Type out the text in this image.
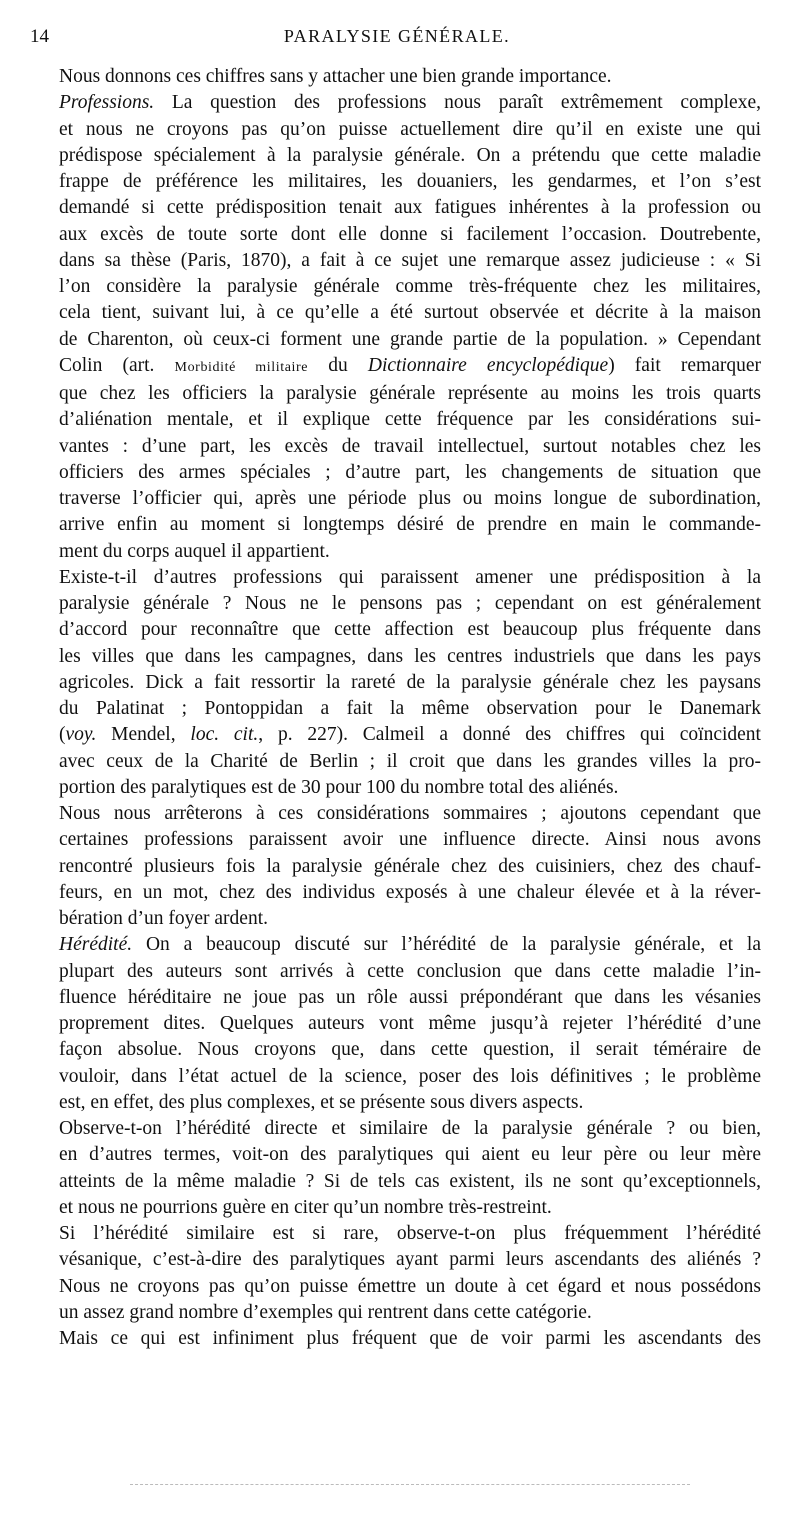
14	PARALYSIE GÉNÉRALE.

Nous donnons ces chiffres sans y attacher une bien grande importance.

Professions. La question des professions nous paraît extrêmement complexe,
et nous ne croyons pas qu’on puisse actuellement dire qu’il en existe une qui
prédispose spécialement à la paralysie générale. On a prétendu que cette maladie
frappe de préférence les militaires, les douaniers, les gendarmes, et l’on s’est
demandé si cette prédisposition tenait aux fatigues inhérentes à la profession ou
aux excès de toute sorte dont elle donne si facilement l’occasion. Doutrebente,
dans sa thèse (Paris, 1870), a fait à ce sujet une remarque assez judicieuse : « Si
l’on considère la paralysie générale comme très-fréquente chez les militaires,
cela tient, suivant lui, à ce qu’elle a été surtout observée et décrite à la maison
de Charenton, où ceux-ci forment une grande partie de la population. » Cependant
Colin (art. Morbidité militaire du Dictionnaire encyclopédique) fait remarquer
que chez les officiers la paralysie générale représente au moins les trois quarts
d’aliénation mentale, et il explique cette fréquence par les considérations sui-
vantes : d’une part, les excès de travail intellectuel, surtout notables chez les
officiers des armes spéciales ; d’autre part, les changements de situation que
traverse l’officier qui, après une période plus ou moins longue de subordination,
arrive enfin au moment si longtemps désiré de prendre en main le commande-
ment du corps auquel il appartient.

Existe-t-il d’autres professions qui paraissent amener une prédisposition à la
paralysie générale ? Nous ne le pensons pas ; cependant on est généralement
d’accord pour reconnaître que cette affection est beaucoup plus fréquente dans
les villes que dans les campagnes, dans les centres industriels que dans les pays
agricoles. Dick a fait ressortir la rareté de la paralysie générale chez les paysans
du Palatinat ; Pontoppidan a fait la même observation pour le Danemark
(voy. Mendel, loc. cit., p. 227). Calmeil a donné des chiffres qui coïncident
avec ceux de la Charité de Berlin ; il croit que dans les grandes villes la pro-
portion des paralytiques est de 30 pour 100 du nombre total des aliénés.

Nous nous arrêterons à ces considérations sommaires ; ajoutons cependant que
certaines professions paraissent avoir une influence directe. Ainsi nous avons
rencontré plusieurs fois la paralysie générale chez des cuisiniers, chez des chauf-
feurs, en un mot, chez des individus exposés à une chaleur élevée et à la réver-
bération d’un foyer ardent.

Hérédité. On a beaucoup discuté sur l’hérédité de la paralysie générale, et la
plupart des auteurs sont arrivés à cette conclusion que dans cette maladie l’in-
fluence héréditaire ne joue pas un rôle aussi prépondérant que dans les vésanies
proprement dites. Quelques auteurs vont même jusqu’à rejeter l’hérédité d’une
façon absolue. Nous croyons que, dans cette question, il serait téméraire de
vouloir, dans l’état actuel de la science, poser des lois définitives ; le problème
est, en effet, des plus complexes, et se présente sous divers aspects.

Observe-t-on l’hérédité directe et similaire de la paralysie générale ? ou bien,
en d’autres termes, voit-on des paralytiques qui aient eu leur père ou leur mère
atteints de la même maladie ? Si de tels cas existent, ils ne sont qu’exceptionnels,
et nous ne pourrions guère en citer qu’un nombre très-restreint.

Si l’hérédité similaire est si rare, observe-t-on plus fréquemment l’hérédité
vésanique, c’est-à-dire des paralytiques ayant parmi leurs ascendants des aliénés ?
Nous ne croyons pas qu’on puisse émettre un doute à cet égard et nous possédons
un assez grand nombre d’exemples qui rentrent dans cette catégorie.

Mais ce qui est infiniment plus fréquent que de voir parmi les ascendants des
